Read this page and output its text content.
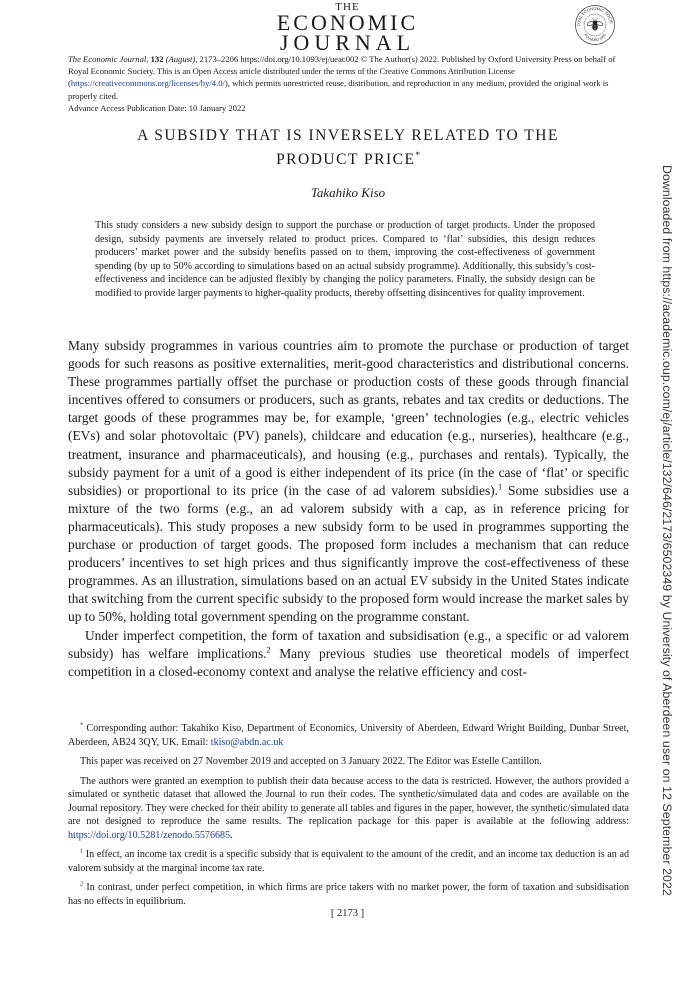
THE
ECONOMIC
JOURNAL
OYAL ECONOMIC SOCIE
FOUNDED 1890
The Economic Journal, 132 (August), 2173–2206 https://doi.org/10.1093/ej/ueac002 © The Author(s) 2022. Published by Oxford University Press on behalf of Royal Economic Society. This is an Open Access article distributed under the terms of the Creative Commons Attribution License (https://creativecommons.org/licenses/by/4.0/), which permits unrestricted reuse, distribution, and reproduction in any medium, provided the original work is properly cited.
Advance Access Publication Date: 10 January 2022
A SUBSIDY THAT IS INVERSELY RELATED TO THE
PRODUCT PRICE*
Takahiko Kiso

This study considers a new subsidy design to support the purchase or production of target products. Under the proposed design, subsidy payments are inversely related to product prices. Compared to ‘flat’ subsidies, this design reduces producers’ market power and the subsidy benefits passed on to them, improving the cost-effectiveness of government spending (by up to 50% according to simulations based on an actual subsidy programme). Additionally, this subsidy’s cost-effectiveness and incidence can be adjusted flexibly by changing the policy parameters. Finally, the subsidy design can be modified to provide larger payments to higher-quality products, thereby offsetting disincentives for quality improvement.

Many subsidy programmes in various countries aim to promote the purchase or production of target goods for such reasons as positive externalities, merit-good characteristics and distributional concerns. These programmes partially offset the purchase or production costs of these goods through financial incentives offered to consumers or producers, such as grants, rebates and tax credits or deductions. The target goods of these programmes may be, for example, ‘green’ technologies (e.g., electric vehicles (EVs) and solar photovoltaic (PV) panels), childcare and education (e.g., nurseries), healthcare (e.g., treatment, insurance and pharmaceuticals), and housing (e.g., purchases and rentals). Typically, the subsidy payment for a unit of a good is either independent of its price (in the case of ‘flat’ or specific subsidies) or proportional to its price (in the case of ad valorem subsidies).$^1$ Some subsidies use a mixture of the two forms (e.g., an ad valorem subsidy with a cap, as in reference pricing for pharmaceuticals). This study proposes a new subsidy form to be used in programmes supporting the purchase or production of target goods. The proposed form includes a mechanism that can reduce producers’ incentives to set high prices and thus significantly improve the cost-effectiveness of these programmes. As an illustration, simulations based on an actual EV subsidy in the United States indicate that switching from the current specific subsidy to the proposed form would increase the market sales by up to 50%, holding total government spending on the programme constant.

Under imperfect competition, the form of taxation and subsidisation (e.g., a specific or ad valorem subsidy) has welfare implications.$^2$ Many previous studies use theoretical models of imperfect competition in a closed-economy context and analyse the relative efficiency and cost-

* Corresponding author: Takahiko Kiso, Department of Economics, University of Aberdeen, Edward Wright Building, Dunbar Street, Aberdeen, AB24 3QY, UK. Email: tkiso@abdn.ac.uk

This paper was received on 27 November 2019 and accepted on 3 January 2022. The Editor was Estelle Cantillon.

The authors were granted an exemption to publish their data because access to the data is restricted. However, the authors provided a simulated or synthetic dataset that allowed the Journal to run their codes. The synthetic/simulated data and codes are available on the Journal repository. They were checked for their ability to generate all tables and figures in the paper, however, the synthetic/simulated data are not designed to reproduce the same results. The replication package for this paper is available at the following address: https://doi.org/10.5281/zenodo.5576685.

$^1$ In effect, an income tax credit is a specific subsidy that is equivalent to the amount of the credit, and an income tax deduction is an ad valorem subsidy at the marginal income tax rate.

$^2$ In contrast, under perfect competition, in which firms are price takers with no market power, the form of taxation and subsidisation has no effects in equilibrium.

[ 2173 ]
Downloaded from https://academic.oup.com/ej/article/132/646/2173/6502349 by University of Aberdeen user on 12 September 2022
